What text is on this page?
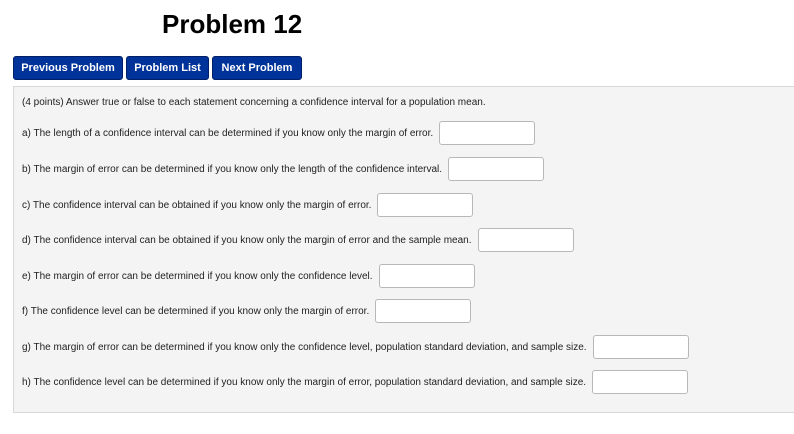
Problem 12
Previous Problem	Problem List	Next Problem
(4 points) Answer true or false to each statement concerning a confidence interval for a population mean.
a) The length of a confidence interval can be determined if you know only the margin of error.
b) The margin of error can be determined if you know only the length of the confidence interval.
c) The confidence interval can be obtained if you know only the margin of error.
d) The confidence interval can be obtained if you know only the margin of error and the sample mean.
e) The margin of error can be determined if you know only the confidence level.
f) The confidence level can be determined if you know only the margin of error.
g) The margin of error can be determined if you know only the confidence level, population standard deviation, and sample size.
h) The confidence level can be determined if you know only the margin of error, population standard deviation, and sample size.
